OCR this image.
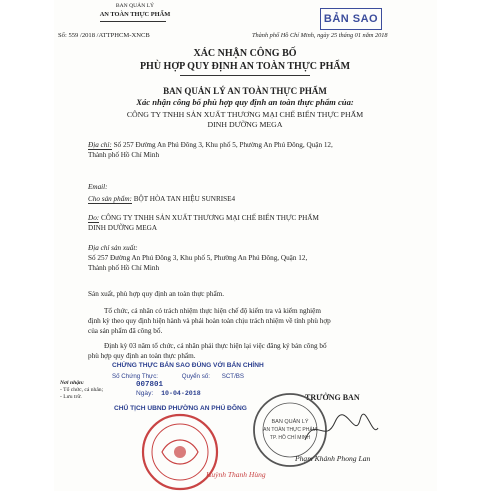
BAN QUẢN LÝ
AN TOÀN THỰC PHẨM	BẢN SAO
Số: 559 /2018 /ATTPHCM-XNCB	Thành phố Hồ Chí Minh, ngày 25 tháng 01 năm 2018
XÁC NHẬN CÔNG BỐ
PHÙ HỢP QUY ĐỊNH AN TOÀN THỰC PHẨM
BAN QUẢN LÝ AN TOÀN THỰC PHẨM
Xác nhận công bố phù hợp quy định an toàn thực phẩm của:
CÔNG TY TNHH SẢN XUẤT THƯƠNG MẠI CHẾ BIẾN THỰC PHẨM
DINH DƯỠNG MEGA
Địa chỉ: Số 257 Đường An Phú Đông 3, Khu phố 5, Phường An Phú Đông, Quận 12,
Thành phố Hồ Chí Minh
Email:
Cho sản phẩm: BỘT HÒA TAN HIỆU SUNRISE4
Do: CÔNG TY TNHH SẢN XUẤT THƯƠNG MẠI CHẾ BIẾN THỰC PHẨM
DINH DƯỠNG MEGA
Địa chỉ sản xuất:
Số 257 Đường An Phú Đông 3, Khu phố 5, Phường An Phú Đông, Quận 12,
Thành phố Hồ Chí Minh
Sản xuất, phù hợp quy định an toàn thực phẩm.
Tổ chức, cá nhân có trách nhiệm thực hiện chế độ kiểm tra và kiểm nghiệm
định kỳ theo quy định hiện hành và phải hoàn toàn chịu trách nhiệm về tính phù hợp
của sản phẩm đã công bố.
Định kỳ 03 năm tổ chức, cá nhân phải thực hiện lại việc đăng ký bản công bố
phù hợp quy định an toàn thực phẩm.
CHỨNG THỰC BẢN SAO ĐÚNG VỚI BẢN CHÍNH
Số Chứng Thực:	Quyển số: SCT/BS
007801
Ngày: 10-04-2018
Nơi nhận:
- Tổ chức, cá nhân;
- Lưu trữ.
CHỦ TỊCH UBND PHƯỜNG AN PHÚ ĐÔNG
Huỳnh Thanh Hùng
TRƯỞNG BAN
BAN QUẢN LÝ
AN TOÀN THỰC PHẨM
TP. HỒ CHÍ MINH
Phạm Khánh Phong Lan
